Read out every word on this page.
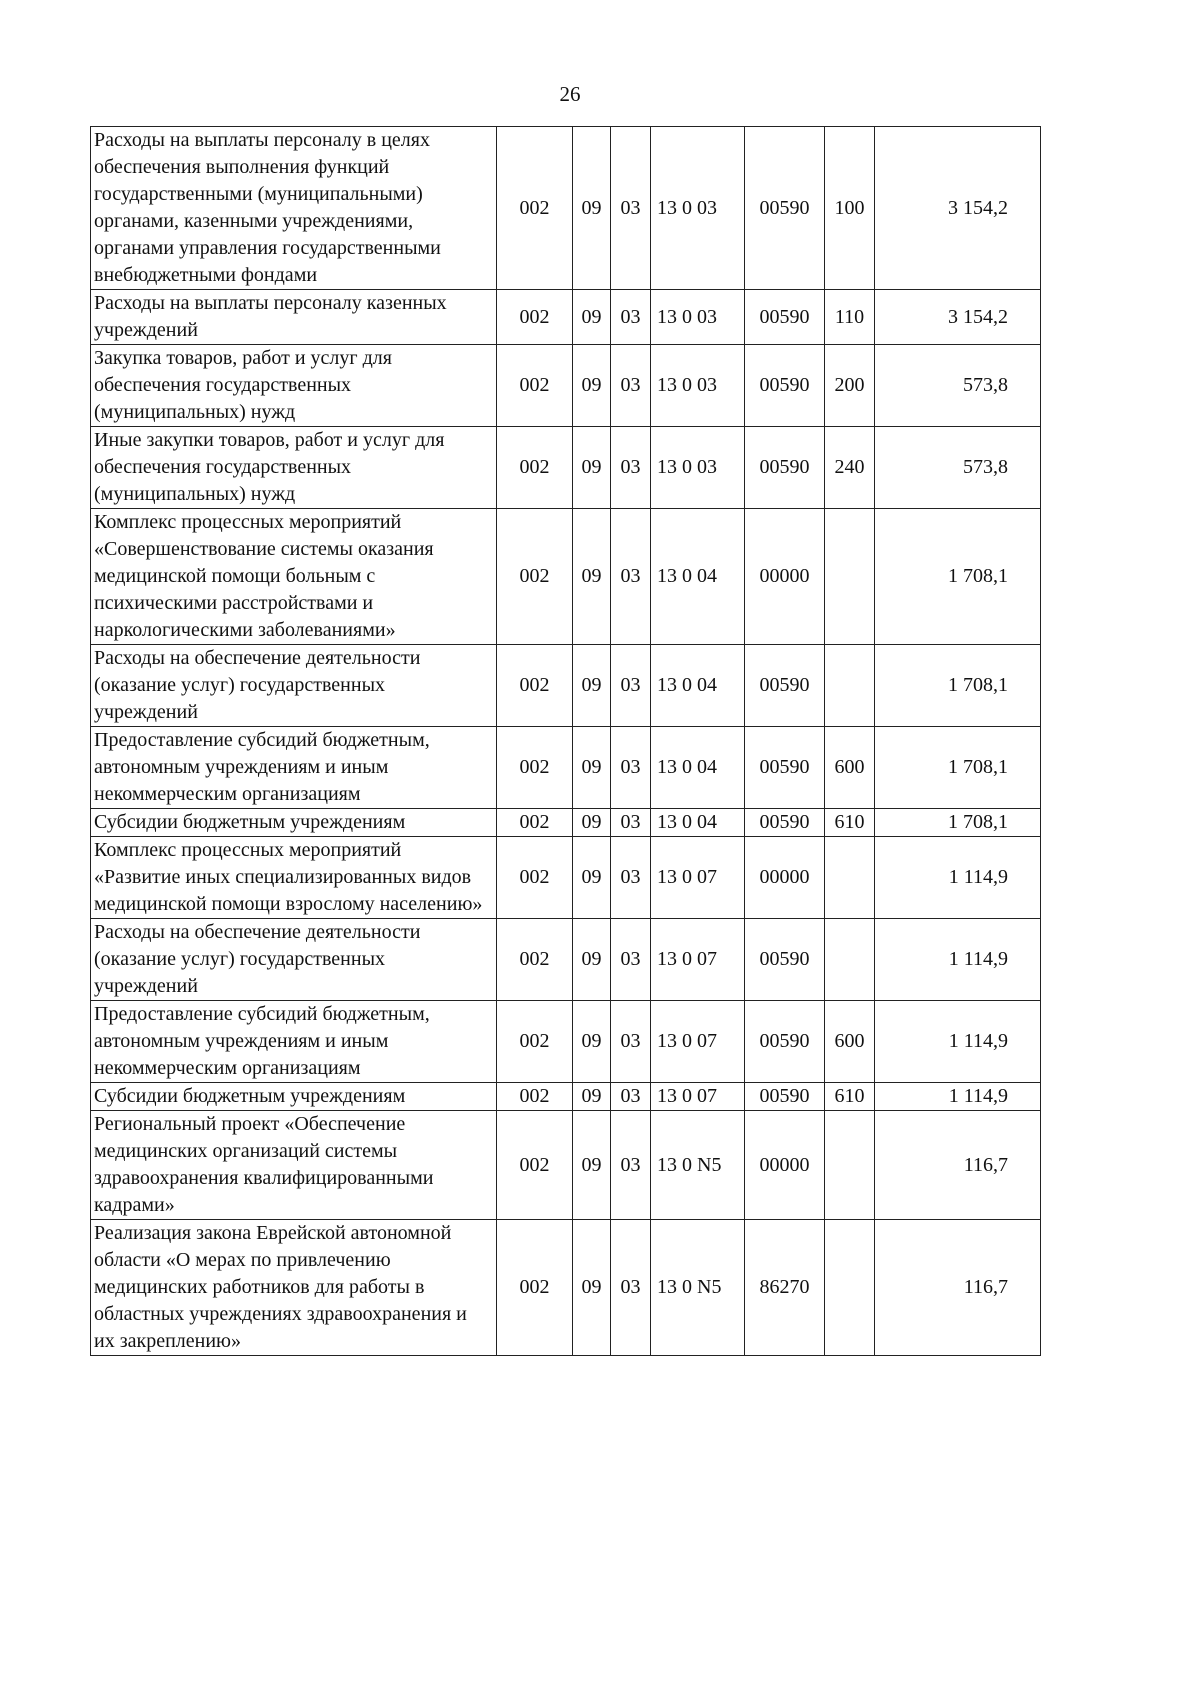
26
Расходы на выплаты персоналу в целях обеспечения выполнения функций государственными (муниципальными) органами, казенными учреждениями, органами управления государственными внебюджетными фондами	002	09	03	13 0 03	00590	100	3 154,2
Расходы на выплаты персоналу казенных учреждений	002	09	03	13 0 03	00590	110	3 154,2
Закупка товаров, работ и услуг для обеспечения государственных (муниципальных) нужд	002	09	03	13 0 03	00590	200	573,8
Иные закупки товаров, работ и услуг для обеспечения государственных (муниципальных) нужд	002	09	03	13 0 03	00590	240	573,8
Комплекс процессных мероприятий «Совершенствование системы оказания медицинской помощи больным с психическими расстройствами и наркологическими заболеваниями»	002	09	03	13 0 04	00000		1 708,1
Расходы на обеспечение деятельности (оказание услуг) государственных учреждений	002	09	03	13 0 04	00590		1 708,1
Предоставление субсидий бюджетным, автономным учреждениям и иным некоммерческим организациям	002	09	03	13 0 04	00590	600	1 708,1
Субсидии бюджетным учреждениям	002	09	03	13 0 04	00590	610	1 708,1
Комплекс процессных мероприятий «Развитие иных специализированных видов медицинской помощи взрослому населению»	002	09	03	13 0 07	00000		1 114,9
Расходы на обеспечение деятельности (оказание услуг) государственных учреждений	002	09	03	13 0 07	00590		1 114,9
Предоставление субсидий бюджетным, автономным учреждениям и иным некоммерческим организациям	002	09	03	13 0 07	00590	600	1 114,9
Субсидии бюджетным учреждениям	002	09	03	13 0 07	00590	610	1 114,9
Региональный проект «Обеспечение медицинских организаций системы здравоохранения квалифицированными кадрами»	002	09	03	13 0 N5	00000		116,7
Реализация закона Еврейской автономной области «О мерах по привлечению медицинских работников для работы в областных учреждениях здравоохранения и их закреплению»	002	09	03	13 0 N5	86270		116,7
